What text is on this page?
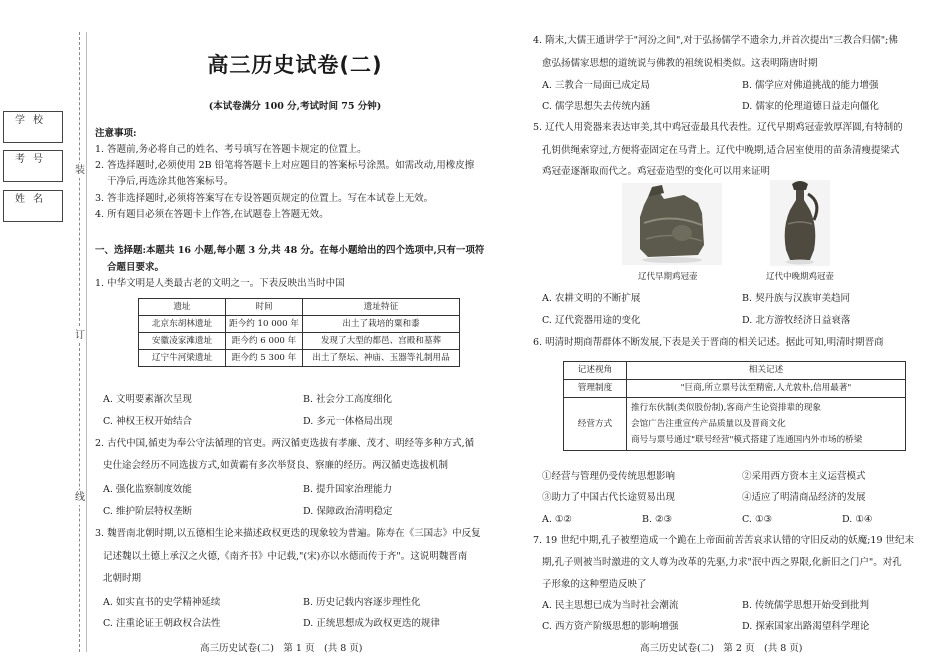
学校
考号
姓名
装
订
线
高三历史试卷(二)
(本试卷满分 100 分,考试时间 75 分钟)
注意事项:
1. 答题前,务必将自己的姓名、考号填写在答题卡规定的位置上。
2. 答选择题时,必须使用 2B 铅笔将答题卡上对应题目的答案标号涂黑。如需改动,用橡皮擦
干净后,再选涂其他答案标号。
3. 答非选择题时,必须将答案写在专设答题页规定的位置上。写在本试卷上无效。
4. 所有题目必须在答题卡上作答,在试题卷上答题无效。
一、选择题:本题共 16 小题,每小题 3 分,共 48 分。在每小题给出的四个选项中,只有一项符
合题目要求。
1. 中华文明是人类最古老的文明之一。下表反映出当时中国
遗址	时间	遗址特征
北京东胡林遗址	距今约 10 000 年	出土了栽培的粟和黍
安徽凌家滩遗址	距今约 6 000 年	发现了大型的都邑、宫殿和墓葬
辽宁牛河梁遗址	距今约 5 300 年	出土了祭坛、神庙、玉器等礼制用品
A. 文明要素渐次呈现	B. 社会分工高度细化
C. 神权王权开始结合	D. 多元一体格局出现
2. 古代中国,循吏为奉公守法循理的官吏。两汉循吏选拔有孝廉、茂才、明经等多种方式,循
史仕途会经历不同选拔方式,如黄霸有多次举贤良、察廉的经历。两汉循吏选拔机制
A. 强化监察制度效能	B. 提升国家治理能力
C. 维护阶层特权垄断	D. 保障政治清明稳定
3. 魏晋南北朝时期,以五德相生论来描述政权更迭的现象较为普遍。陈寿在《三国志》中反复
记述魏以土德上承汉之火德,《南齐书》中记载,"(宋)亦以水德而传于齐"。这说明魏晋南
北朝时期
A. 如实直书的史学精神延续	B. 历史记载内容逐步理性化
C. 注重论证王朝政权合法性	D. 正统思想成为政权更迭的规律
高三历史试卷(二)　第 1 页　(共 8 页)
4. 隋末,大儒王通讲学于"河汾之间",对于弘扬儒学不遗余力,并首次提出"三教合归儒";佛
愈弘扬儒家思想的道统说与佛教的祖统说相类似。这表明隋唐时期
A. 三教合一局面已成定局	B. 儒学应对佛道挑战的能力增强
C. 儒学思想失去传统内涵	D. 儒家的伦理道德日益走向僵化
5. 辽代人用瓷器来表达审美,其中鸡冠壶最具代表性。辽代早期鸡冠壶敦厚浑圆,有特制的
孔钥供绳索穿过,方便将壶固定在马背上。辽代中晚期,适合居室使用的苗条清瘦提梁式
鸡冠壶逐渐取而代之。鸡冠壶造型的变化可以用来证明
辽代早期鸡冠壶	辽代中晚期鸡冠壶
A. 农耕文明的不断扩展	B. 契丹族与汉族审美趋同
C. 辽代瓷器用途的变化	D. 北方游牧经济日益衰落
6. 明清时期商帮群体不断发展,下表是关于晋商的相关记述。据此可知,明清时期晋商
记述视角	相关记述
管理制度	"巨商,所立票号汰至精密,人尤敦朴,信用最著"
经营方式	推行东伙制(类似股份制),客商产生论资排辈的现象
会馆广告注重宣传产品质量以及晋商文化
商号与票号通过"联号经营"模式搭建了连通国内外市场的桥梁
①经营与管理仍受传统思想影响	②采用西方资本主义运营模式
③助力了中国古代长途贸易出现	④适应了明清商品经济的发展
A. ①②	B. ②③	C. ①③	D. ①④
7. 19 世纪中期,孔子被塑造成一个跪在上帝面前苦苦哀求认错的守旧反动的妖魔;19 世纪末
期,孔子则被当时激进的文人尊为改革的先驱,力求"泯中西之界限,化新旧之门户"。对孔
子形象的这种塑造反映了
A. 民主思想已成为当时社会潮流	B. 传统儒学思想开始受到批判
C. 西方资产阶级思想的影响增强	D. 探索国家出路渴望科学理论
高三历史试卷(二)　第 2 页　(共 8 页)
